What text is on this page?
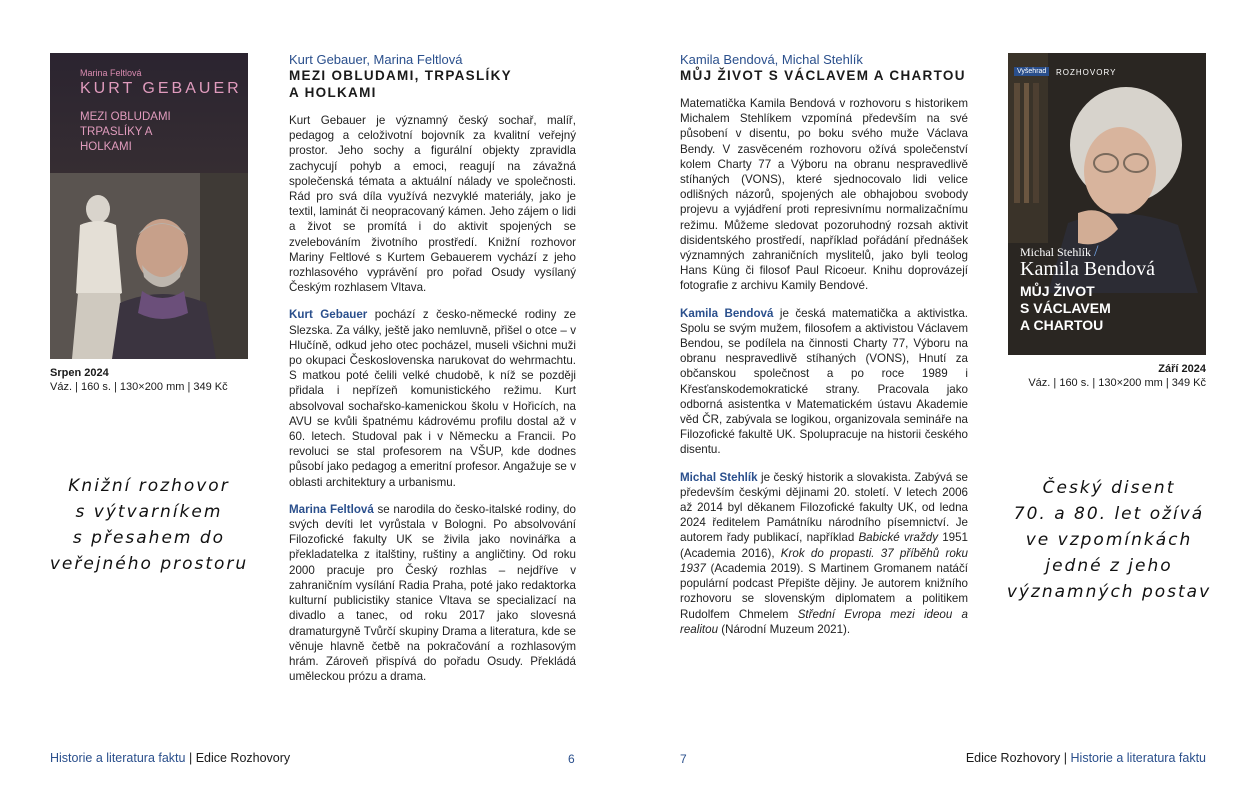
Marina Feltlová
KURT GEBAUER
MEZI OBLUDAMI
TRPASLÍKY A
HOLKAMI
Srpen 2024
Váz. | 160 s. | 130×200 mm | 349 Kč
Knižní rozhovor
s výtvarníkem
s přesahem do
veřejného prostoru
Kurt Gebauer, Marina Feltlová
MEZI OBLUDAMI, TRPASLÍKY
A HOLKAMI

Kurt Gebauer je významný český sochař, malíř, pedagog a celoživotní bojovník za kvalitní veřejný prostor. Jeho sochy a figurální objekty zpravidla zachycují pohyb a emoci, reagují na závažná společenská témata a aktuální nálady ve společnosti. Rád pro svá díla využívá nezvyklé materiály, jako je textil, laminát či neopracovaný kámen. Jeho zájem o lidi a život se promítá i do aktivit spojených se zvelebováním životního prostředí. Knižní rozhovor Mariny Feltlové s Kurtem Gebauerem vychází z jeho rozhlasového vyprávění pro pořad Osudy vysílaný Českým rozhlasem Vltava.

Kurt Gebauer pochází z česko-německé rodiny ze Slezska. Za války, ještě jako nemluvně, přišel o otce – v Hlučíně, odkud jeho otec pocházel, museli všichni muži po okupaci Československa narukovat do wehrmachtu. S matkou poté čelili velké chudobě, k níž se později přidala i nepřízeň komunistického režimu. Kurt absolvoval sochařsko-kamenickou školu v Hořicích, na AVU se kvůli špatnému kádrovému profilu dostal až v 60. letech. Studoval pak i v Německu a Francii. Po revoluci se stal profesorem na VŠUP, kde dodnes působí jako pedagog a emeritní profesor. Angažuje se v oblasti architektury a urbanismu.

Marina Feltlová se narodila do česko-italské rodiny, do svých devíti let vyrůstala v Bologni. Po absolvování Filozofické fakulty UK se živila jako novinářka a překladatelka z italštiny, ruštiny a angličtiny. Od roku 2000 pracuje pro Český rozhlas – nejdříve v zahraničním vysílání Radia Praha, poté jako redaktorka kulturní publicistiky stanice Vltava se specializací na divadlo a tanec, od roku 2017 jako slovesná dramaturgyně Tvůrčí skupiny Drama a literatura, kde se věnuje hlavně četbě na pokračování a rozhlasovým hrám. Zároveň přispívá do pořadu Osudy. Překládá uměleckou prózu a drama.

Historie a literatura faktu | Edice Rozhovory	6
Kamila Bendová, Michal Stehlík
MŮJ ŽIVOT S VÁCLAVEM A CHARTOU

Matematička Kamila Bendová v rozhovoru s historikem Michalem Stehlíkem vzpomíná především na své působení v disentu, po boku svého muže Václava Bendy. V zasvěceném rozhovoru ožívá společenství kolem Charty 77 a Výboru na obranu nespravedlivě stíhaných (VONS), které sjednocovalo lidi velice odlišných názorů, spojených ale obhajobou svobody projevu a vyjádření proti represivnímu normalizačnímu režimu. Můžeme sledovat pozoruhodný rozsah aktivit disidentského prostředí, například pořádání přednášek významných zahraničních myslitelů, jako byli teolog Hans Küng či filosof Paul Ricoeur. Knihu doprovázejí fotografie z archivu Kamily Bendové.

Kamila Bendová je česká matematička a aktivistka. Spolu se svým mužem, filosofem a aktivistou Václavem Bendou, se podílela na činnosti Charty 77, Výboru na obranu nespravedlivě stíhaných (VONS), Hnutí za občanskou společnost a po roce 1989 i Křesťanskodemokratické strany. Pracovala jako odborná asistentka v Matematickém ústavu Akademie věd ČR, zabývala se logikou, organizovala semináře na Filozofické fakultě UK. Spolupracuje na historii českého disentu.

Michal Stehlík je český historik a slovakista. Zabývá se především českými dějinami 20. století. V letech 2006 až 2014 byl děkanem Filozofické fakulty UK, od ledna 2024 ředitelem Památníku národního písemnictví. Je autorem řady publikací, například Babické vraždy 1951 (Academia 2016), Krok do propasti. 37 příběhů roku 1937 (Academia 2019). S Martinem Gromanem natáčí populární podcast Přepište dějiny. Je autorem knižního rozhovoru se slovenským diplomatem a politikem Rudolfem Chmelem Střední Evropa mezi ideou a realitou (Národní Muzeum 2021).

Vyšehrad	ROZHOVORY
Michal Stehlík /
Kamila Bendová
MŮJ ŽIVOT
S VÁCLAVEM
A CHARTOU
Září 2024
Váz. | 160 s. | 130×200 mm | 349 Kč
Český disent
70. a 80. let ožívá
ve vzpomínkách
jedné z jeho
významných postav
7	Edice Rozhovory | Historie a literatura faktu
